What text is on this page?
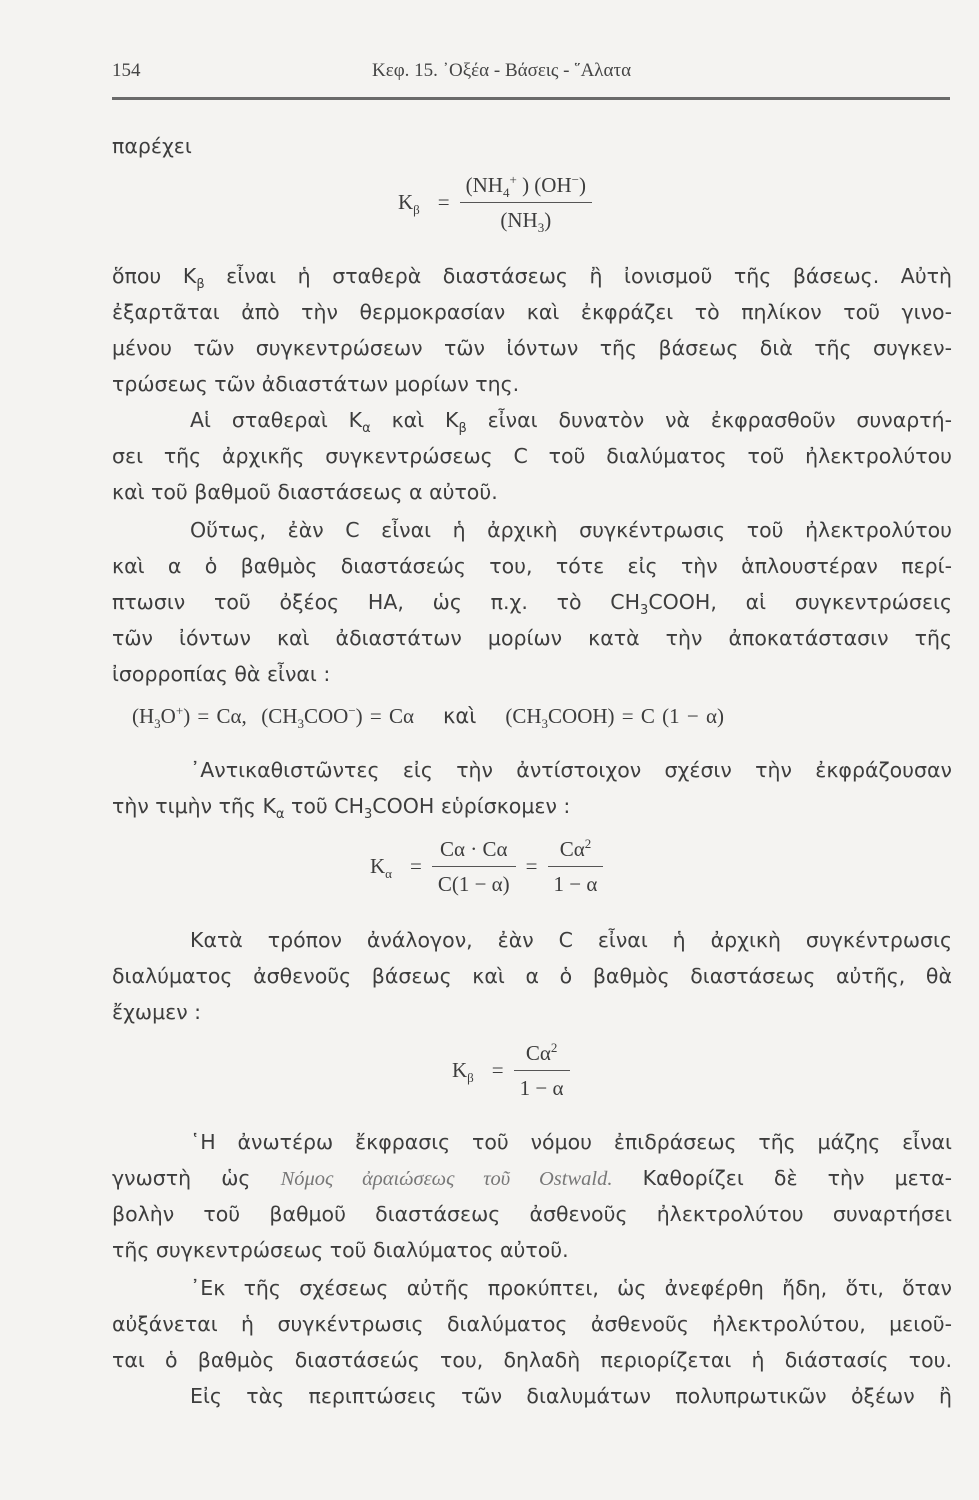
154	Κεφ. 15. ᾿Οξέα - Βάσεις - ῞Αλατα
παρέχει
$K_\beta = \frac{(NH_4^+ ) (OH^-)}{(NH_3)}$
ὅπου $K_\beta$ εἶναι ἡ σταθερὰ διαστάσεως ἢ ἰονισμοῦ τῆς βάσεως. Αὐτὴ
ἐξαρτᾶται ἀπὸ τὴν θερμοκρασίαν καὶ ἐκφράζει τὸ πηλίκον τοῦ γινο-
μένου τῶν συγκεντρώσεων τῶν ἰόντων τῆς βάσεως διὰ τῆς συγκεν-
τρώσεως τῶν ἀδιαστάτων μορίων της.
Αἱ σταθεραὶ $K_\alpha$ καὶ $K_\beta$ εἶναι δυνατὸν νὰ ἐκφρασθοῦν συναρτή-
σει τῆς ἀρχικῆς συγκεντρώσεως C τοῦ διαλύματος τοῦ ἠλεκτρολύτου
καὶ τοῦ βαθμοῦ διαστάσεως α αὐτοῦ.
Οὕτως, ἐὰν C εἶναι ἡ ἀρχικὴ συγκέντρωσις τοῦ ἠλεκτρολύτου
καὶ α ὁ βαθμὸς διαστάσεώς του, τότε εἰς τὴν ἁπλουστέραν περί-
πτωσιν τοῦ ὀξέος ΗΑ, ὡς π.χ. τὸ $CH_3COOH$, αἱ συγκεντρώσεις
τῶν ἰόντων καὶ ἀδιαστάτων μορίων κατὰ τὴν ἀποκατάστασιν τῆς
ἰσορροπίας θὰ εἶναι :
$(H_3O^+) = C\alpha$, $(CH_3COO^-) = C\alpha$ καὶ $(CH_3COOH) = C$ (1 − α)
᾿Αντικαθιστῶντες εἰς τὴν ἀντίστοιχον σχέσιν τὴν ἐκφράζουσαν
τὴν τιμὴν τῆς $K_\alpha$ τοῦ $CH_3COOH$ εὑρίσκομεν :
$K_\alpha = \frac{C\alpha \cdot C\alpha}{C(1 - \alpha)} = \frac{C\alpha^2}{1 - \alpha}$
Κατὰ τρόπον ἀνάλογον, ἐὰν C εἶναι ἡ ἀρχικὴ συγκέντρωσις
διαλύματος ἀσθενοῦς βάσεως καὶ α ὁ βαθμὸς διαστάσεως αὐτῆς, θὰ
ἔχωμεν :
$K_\beta = \frac{C\alpha^2}{1 - \alpha}$
῾Η ἀνωτέρω ἔκφρασις τοῦ νόμου ἐπιδράσεως τῆς μάζης εἶναι
γνωστὴ ὡς Νόμος ἀραιώσεως τοῦ Ostwald. Καθορίζει δὲ τὴν μετα-
βολὴν τοῦ βαθμοῦ διαστάσεως ἀσθενοῦς ἠλεκτρολύτου συναρτήσει
τῆς συγκεντρώσεως τοῦ διαλύματος αὐτοῦ.
᾿Εκ τῆς σχέσεως αὐτῆς προκύπτει, ὡς ἀνεφέρθη ἤδη, ὅτι, ὅταν
αὐξάνεται ἡ συγκέντρωσις διαλύματος ἀσθενοῦς ἠλεκτρολύτου, μειοῦ-
ται ὁ βαθμὸς διαστάσεώς του, δηλαδὴ περιορίζεται ἡ διάστασίς του.
Εἰς τὰς περιπτώσεις τῶν διαλυμάτων πολυπρωτικῶν ὀξέων ἢ
